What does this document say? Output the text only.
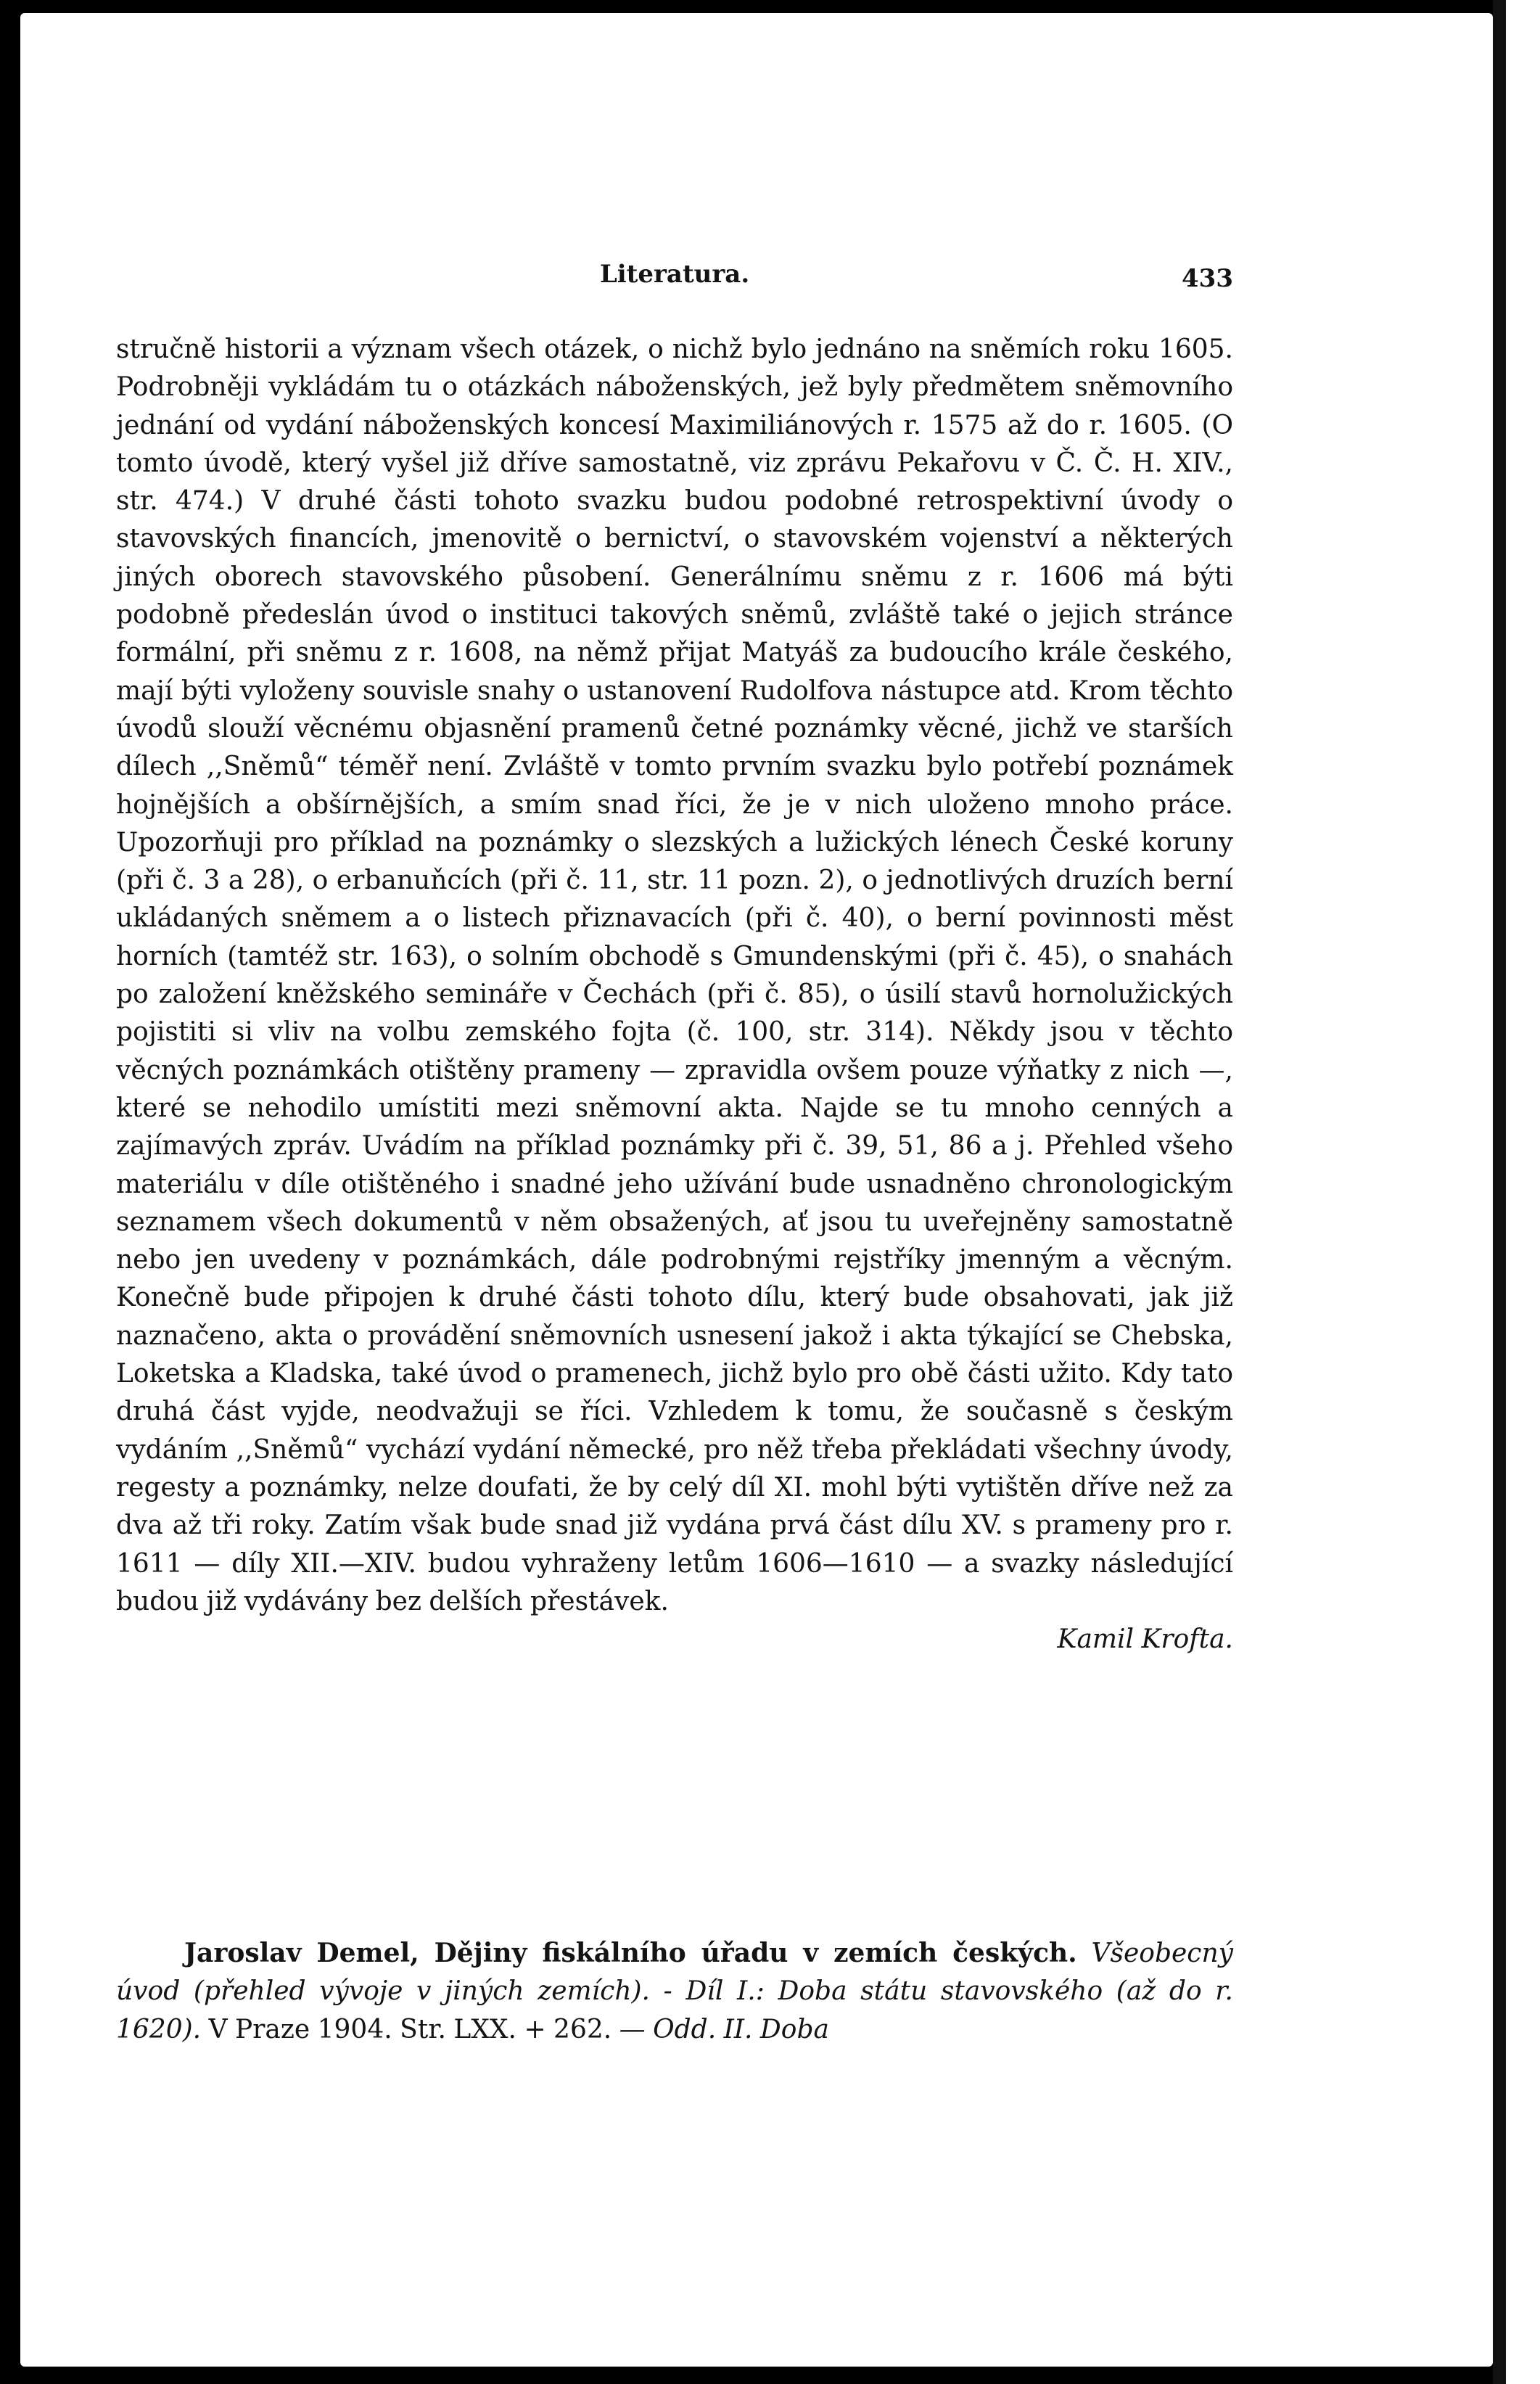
Literatura.	433

stručně historii a význam všech otázek, o nichž bylo jednáno na sněmích roku 1605. Podrobněji vykládám tu o otázkách náboženských, jež byly předmětem sněmovního jednání od vydání náboženských koncesí Maximiliánových r. 1575 až do r. 1605. (O tomto úvodě, který vyšel již dříve samostatně, viz zprávu Pekařovu v Č. Č. H. XIV., str. 474.) V druhé části tohoto svazku budou podobné retrospektivní úvody o stavovských financích, jmenovitě o bernictví, o stavovském vojenství a některých jiných oborech stavovského působení. Generálnímu sněmu z r. 1606 má býti podobně předeslán úvod o instituci takových sněmů, zvláště také o jejich stránce formální, při sněmu z r. 1608, na němž přijat Matyáš za budoucího krále českého, mají býti vyloženy souvisle snahy o ustanovení Rudolfova nástupce atd. Krom těchto úvodů slouží věcnému objasnění pramenů četné poznámky věcné, jichž ve starších dílech ,,Sněmů“ téměř není. Zvláště v tomto prvním svazku bylo potřebí poznámek hojnějších a obšírnějších, a smím snad říci, že je v nich uloženo mnoho práce. Upozorňuji pro příklad na poznámky o slezských a lužických lénech České koruny (při č. 3 a 28), o erbanuňcích (při č. 11, str. 11 pozn. 2), o jednotlivých druzích berní ukládaných sněmem a o listech přiznavacích (při č. 40), o berní povinnosti měst horních (tamtéž str. 163), o solním obchodě s Gmundenskými (při č. 45), o snahách po založení kněžského semináře v Čechách (při č. 85), o úsilí stavů hornolužických pojistiti si vliv na volbu zemského fojta (č. 100, str. 314). Někdy jsou v těchto věcných poznámkách otištěny prameny — zpravidla ovšem pouze výňatky z nich —, které se nehodilo umístiti mezi sněmovní akta. Najde se tu mnoho cenných a zajímavých zpráv. Uvádím na příklad poznámky při č. 39, 51, 86 a j. Přehled všeho materiálu v díle otištěného i snadné jeho užívání bude usnadněno chronologickým seznamem všech dokumentů v něm obsažených, ať jsou tu uveřejněny samostatně nebo jen uvedeny v poznámkách, dále podrobnými rejstříky jmenným a věcným. Konečně bude připojen k druhé části tohoto dílu, který bude obsahovati, jak již naznačeno, akta o provádění sněmovních usnesení jakož i akta týkající se Chebska, Loketska a Kladska, také úvod o pramenech, jichž bylo pro obě části užito. Kdy tato druhá část vyjde, neodvažuji se říci. Vzhledem k tomu, že současně s českým vydáním ,,Sněmů“ vychází vydání německé, pro něž třeba překládati všechny úvody, regesty a poznámky, nelze doufati, že by celý díl XI. mohl býti vytištěn dříve než za dva až tři roky. Zatím však bude snad již vydána prvá část dílu XV. s prameny pro r. 1611 — díly XII.—XIV. budou vyhraženy letům 1606—1610 — a svazky následující budou již vydávány bez delších přestávek.

Kamil Krofta.
Jaroslav Demel, Dějiny fiskálního úřadu v zemích českých. Všeobecný úvod (přehled vývoje v jiných zemích). - Díl I.: Doba státu stavovského (až do r. 1620). V Praze 1904. Str. LXX. + 262. — Odd. II. Doba
